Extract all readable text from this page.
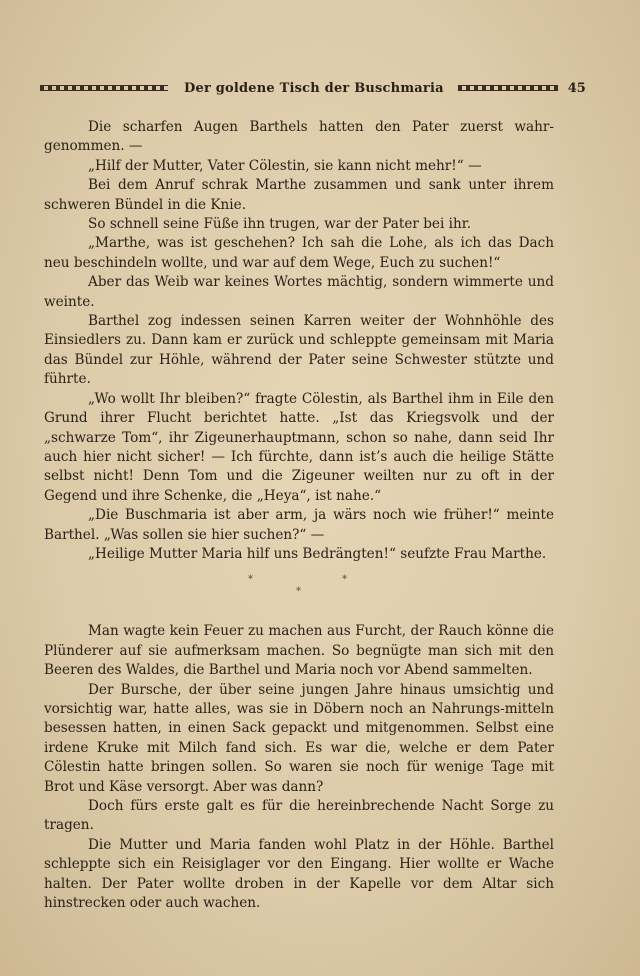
Der goldene Tisch der Buschmaria	45

Die scharfen Augen Barthels hatten den Pater zuerst wahr-genommen. —

„Hilf der Mutter, Vater Cölestin, sie kann nicht mehr!“ —

Bei dem Anruf schrak Marthe zusammen und sank unter ihrem schweren Bündel in die Knie.

So schnell seine Füße ihn trugen, war der Pater bei ihr.

„Marthe, was ist geschehen? Ich sah die Lohe, als ich das Dach neu beschindeln wollte, und war auf dem Wege, Euch zu suchen!“

Aber das Weib war keines Wortes mächtig, sondern wimmerte und weinte.

Barthel zog indessen seinen Karren weiter der Wohnhöhle des Einsiedlers zu. Dann kam er zurück und schleppte gemeinsam mit Maria das Bündel zur Höhle, während der Pater seine Schwester stützte und führte.

„Wo wollt Ihr bleiben?“ fragte Cölestin, als Barthel ihm in Eile den Grund ihrer Flucht berichtet hatte. „Ist das Kriegsvolk und der „schwarze Tom“, ihr Zigeunerhauptmann, schon so nahe, dann seid Ihr auch hier nicht sicher! — Ich fürchte, dann ist’s auch die heilige Stätte selbst nicht! Denn Tom und die Zigeuner weilten nur zu oft in der Gegend und ihre Schenke, die „Heya“, ist nahe.“

„Die Buschmaria ist aber arm, ja wärs noch wie früher!“ meinte Barthel. „Was sollen sie hier suchen?“ —

„Heilige Mutter Maria hilf uns Bedrängten!“ seufzte Frau Marthe.

*	*
*

Man wagte kein Feuer zu machen aus Furcht, der Rauch könne die Plünderer auf sie aufmerksam machen. So begnügte man sich mit den Beeren des Waldes, die Barthel und Maria noch vor Abend sammelten.

Der Bursche, der über seine jungen Jahre hinaus umsichtig und vorsichtig war, hatte alles, was sie in Döbern noch an Nahrungs-mitteln besessen hatten, in einen Sack gepackt und mitgenommen. Selbst eine irdene Kruke mit Milch fand sich. Es war die, welche er dem Pater Cölestin hatte bringen sollen. So waren sie noch für wenige Tage mit Brot und Käse versorgt. Aber was dann?

Doch fürs erste galt es für die hereinbrechende Nacht Sorge zu tragen.

Die Mutter und Maria fanden wohl Platz in der Höhle. Barthel schleppte sich ein Reisiglager vor den Eingang. Hier wollte er Wache halten. Der Pater wollte droben in der Kapelle vor dem Altar sich hinstrecken oder auch wachen.
